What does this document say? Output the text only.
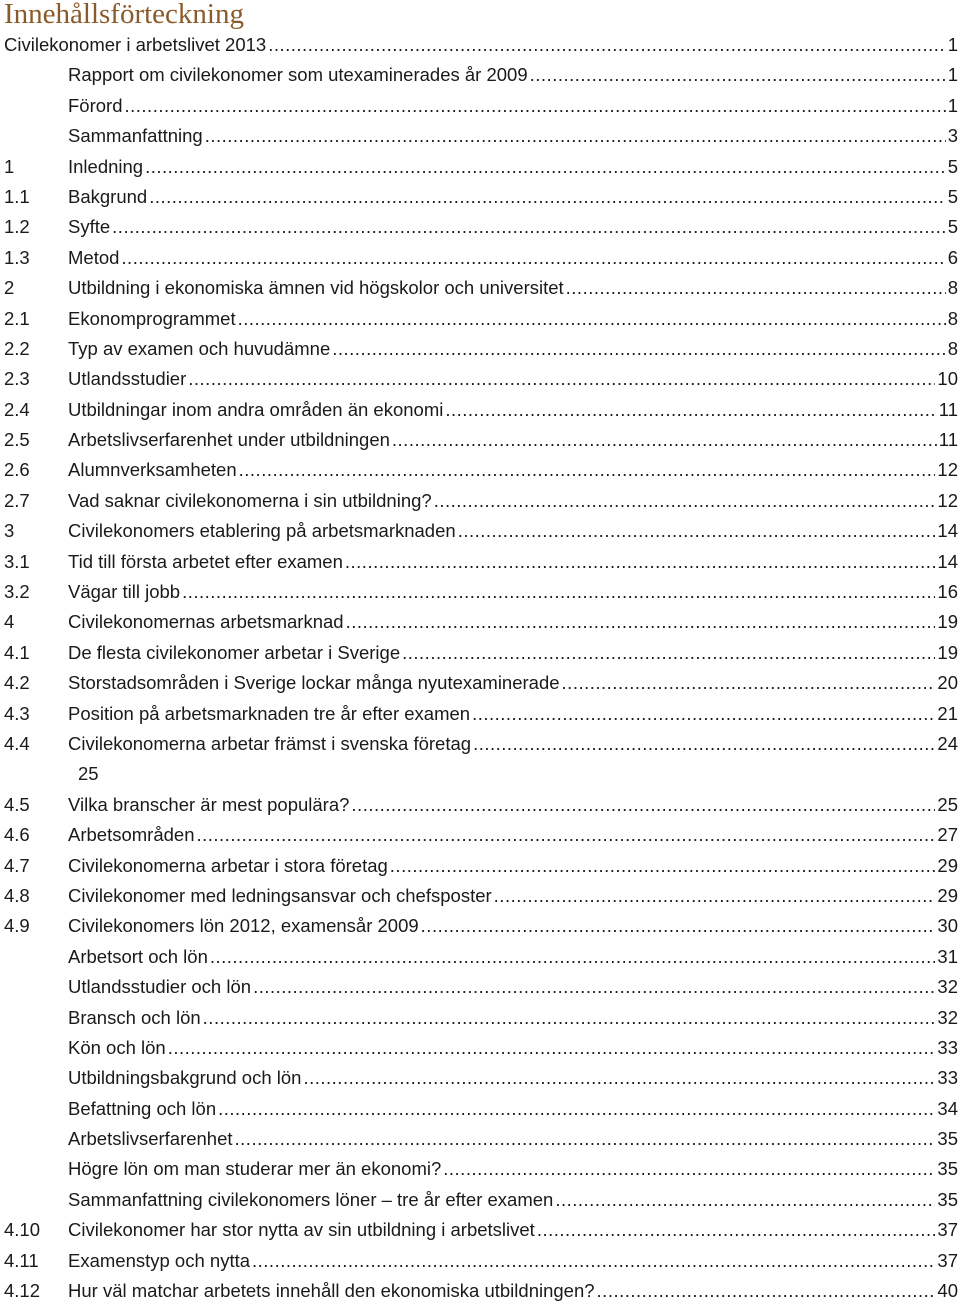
Innehållsförteckning
Civilekonomer i arbetslivet 2013 .....	1
Rapport om civilekonomer som utexaminerades år 2009 .....	1
Förord .....	1
Sammanfattning .....	3
1	Inledning .....	5
1.1 Bakgrund .....	5
1.2 Syfte .....	5
1.3 Metod .....	6
2	Utbildning i ekonomiska ämnen vid högskolor och universitet .....	8
2.1 Ekonomprogrammet .....	8
2.2 Typ av examen och huvudämne .....	8
2.3 Utlandsstudier .....	10
2.4 Utbildningar inom andra områden än ekonomi .....	11
2.5 Arbetslivserfarenhet under utbildningen .....	11
2.6 Alumnverksamheten .....	12
2.7 Vad saknar civilekonomerna i sin utbildning? .....	12
3	Civilekonomers etablering på arbetsmarknaden .....	14
3.1 Tid till första arbetet efter examen .....	14
3.2 Vägar till jobb .....	16
4	Civilekonomernas arbetsmarknad .....	19
4.1 De flesta civilekonomer arbetar i Sverige .....	19
4.2 Storstadsområden i Sverige lockar många nyutexaminerade .....	20
4.3 Position på arbetsmarknaden tre år efter examen .....	21
4.4 Civilekonomerna arbetar främst i svenska företag .....	24
25
4.5 Vilka branscher är mest populära? .....	25
4.6 Arbetsområden .....	27
4.7 Civilekonomerna arbetar i stora företag .....	29
4.8 Civilekonomer med ledningsansvar och chefsposter .....	29
4.9 Civilekonomers lön 2012, examensår 2009 .....	30
Arbetsort och lön .....	31
Utlandsstudier och lön .....	32
Bransch och lön .....	32
Kön och lön .....	33
Utbildningsbakgrund och lön .....	33
Befattning och lön .....	34
Arbetslivserfarenhet .....	35
Högre lön om man studerar mer än ekonomi? .....	35
Sammanfattning civilekonomers löner – tre år efter examen .....	35
4.10 Civilekonomer har stor nytta av sin utbildning i arbetslivet .....	37
4.11 Examenstyp och nytta .....	37
4.12 Hur väl matchar arbetets innehåll den ekonomiska utbildningen? .....	40
